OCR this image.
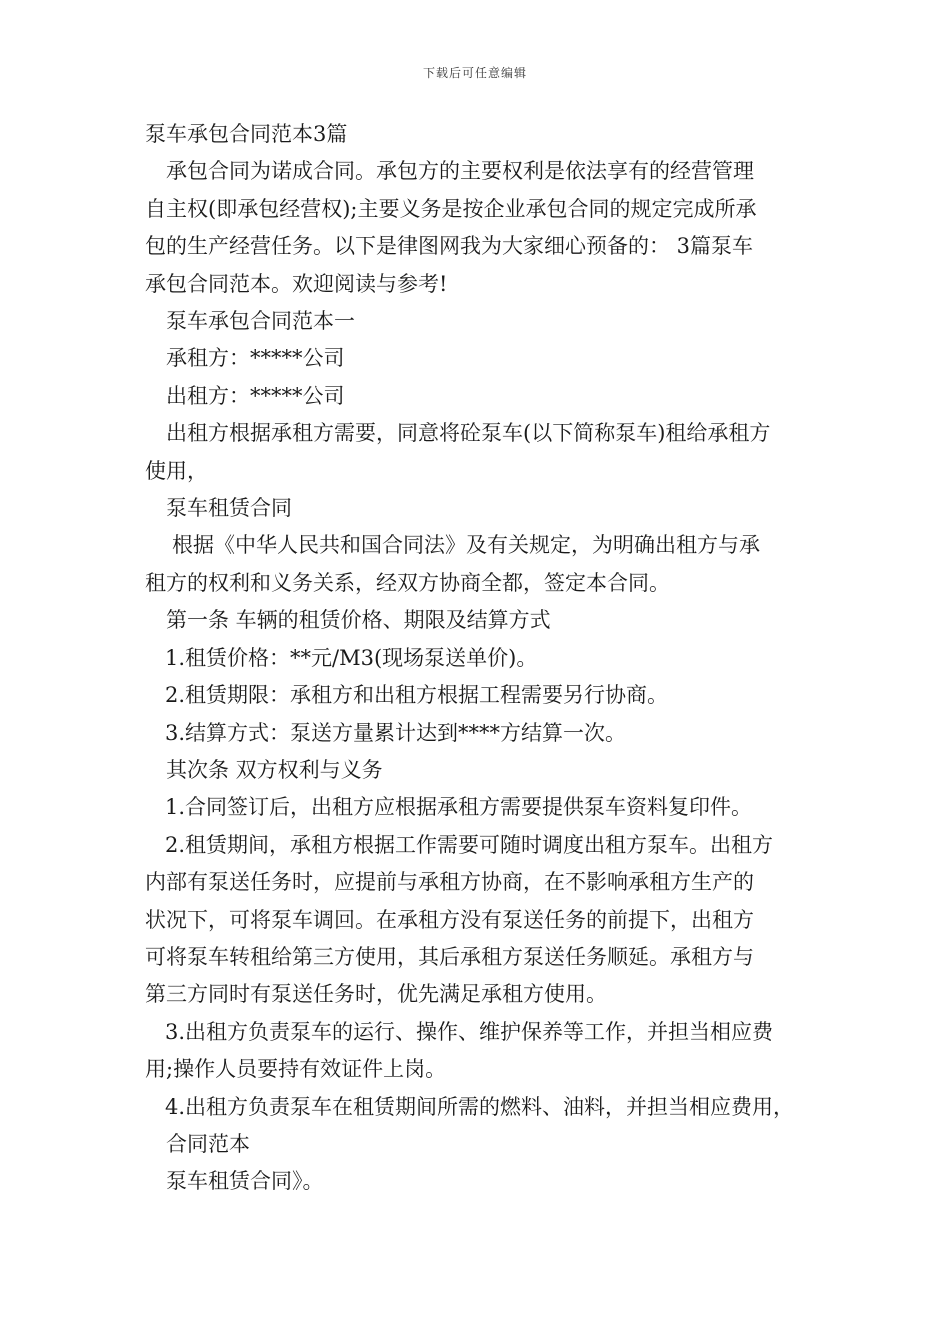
下载后可任意编辑

泵车承包合同范本3篇

承包合同为诺成合同。承包方的主要权利是依法享有的经营管理

自主权(即承包经营权);主要义务是按企业承包合同的规定完成所承

包的生产经营任务。以下是律图网我为大家细心预备的： 3篇泵车

承包合同范本。欢迎阅读与参考!

泵车承包合同范本一

承租方：*****公司

出租方：*****公司

出租方根据承租方需要，同意将砼泵车(以下简称泵车)租给承租方

使用，

泵车租赁合同

根据《中华人民共和国合同法》及有关规定，为明确出租方与承

租方的权利和义务关系，经双方协商全都，签定本合同。

第一条 车辆的租赁价格、期限及结算方式

1.租赁价格：**元/M3(现场泵送单价)。

2.租赁期限：承租方和出租方根据工程需要另行协商。

3.结算方式：泵送方量累计达到****方结算一次。

其次条 双方权利与义务

1.合同签订后，出租方应根据承租方需要提供泵车资料复印件。

2.租赁期间，承租方根据工作需要可随时调度出租方泵车。出租方

内部有泵送任务时，应提前与承租方协商，在不影响承租方生产的

状况下，可将泵车调回。在承租方没有泵送任务的前提下，出租方

可将泵车转租给第三方使用，其后承租方泵送任务顺延。承租方与

第三方同时有泵送任务时，优先满足承租方使用。

3.出租方负责泵车的运行、操作、维护保养等工作，并担当相应费

用;操作人员要持有效证件上岗。

4.出租方负责泵车在租赁期间所需的燃料、油料，并担当相应费用，

合同范本

泵车租赁合同》。
